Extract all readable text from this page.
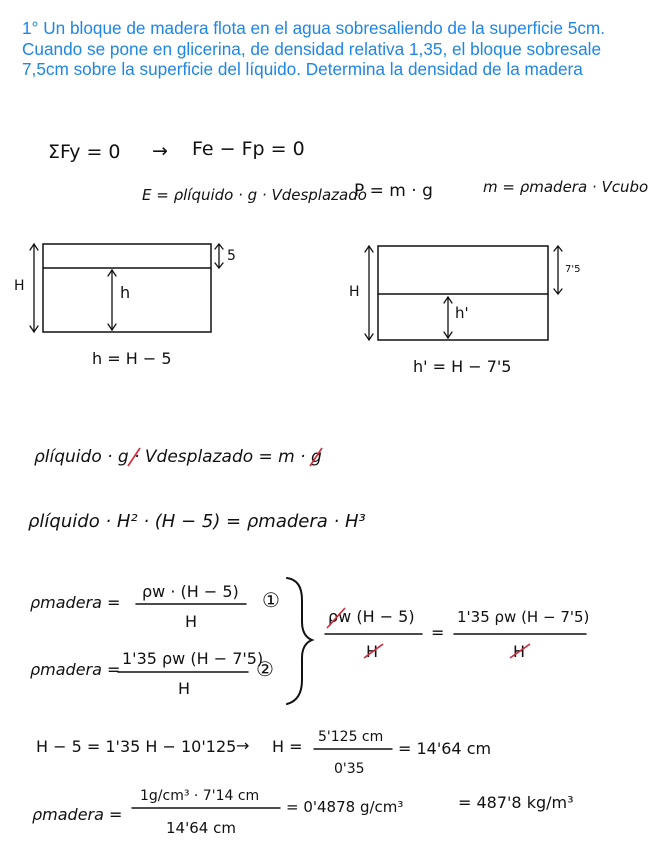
1° Un bloque de madera flota en el agua sobresaliendo de la superficie 5cm. Cuando se pone en glicerina, de densidad relativa 1,35, el bloque sobresale 7,5cm sobre la superficie del líquido. Determina la densidad de la madera

ΣFy = 0 → Fe − Fp = 0
E = ρlíquido · g · Vdesplazado
P = m · g	m = ρmadera · Vcubo
H	h
5
h = H − 5
H
h'
7'5
h' = H − 7'5
ρlíquido · g · Vdesplazado = m · g
ρlíquido · H² · (H − 5) = ρmadera · H³
ρmadera =
ρw · (H − 5)
H
①
ρmadera =
1'35 ρw (H − 7'5)
H
②
ρw (H − 5)
H
=
1'35 ρw (H − 7'5)
H
H − 5 = 1'35 H − 10'125 → H = 5'125 cm
0'35
= 14'64 cm
ρmadera =
1g/cm³ · 7'14 cm
14'64 cm
= 0'4878 g/cm³	= 487'8 kg/m³
